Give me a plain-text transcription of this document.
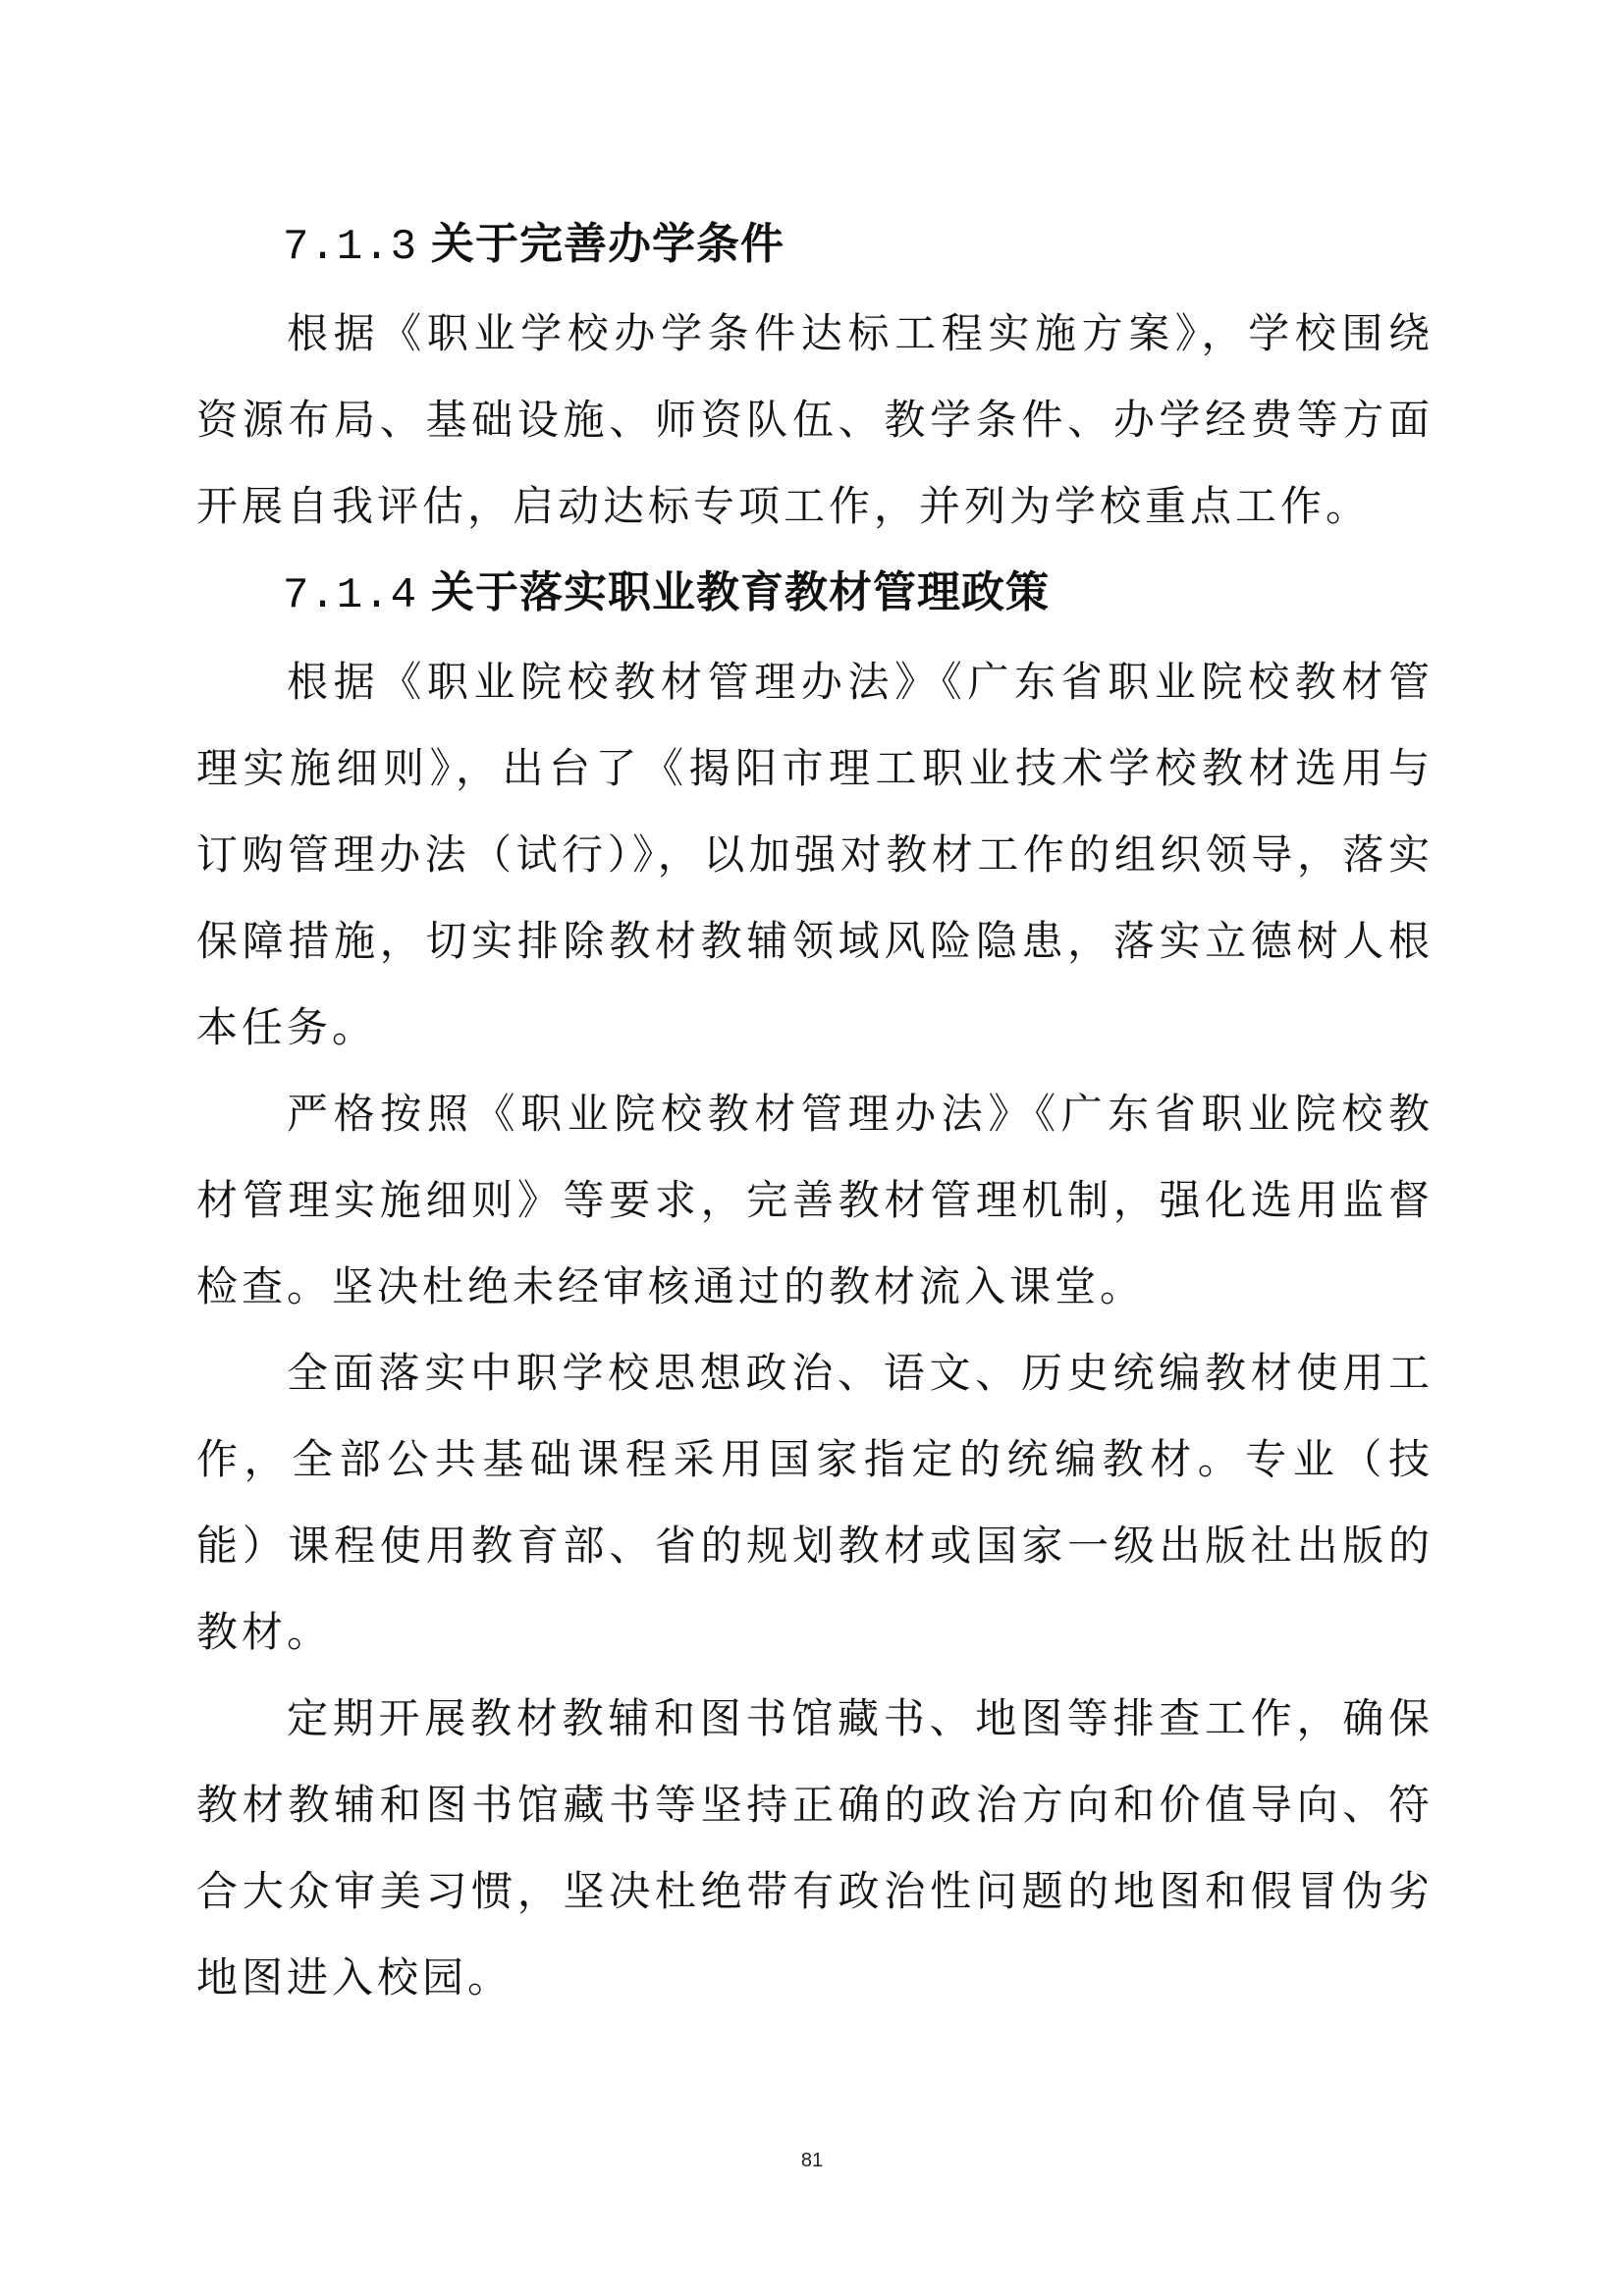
7.1.3 关于完善办学条件

根据《职业学校办学条件达标工程实施方案》，学校围绕资源布局、基础设施、师资队伍、教学条件、办学经费等方面开展自我评估，启动达标专项工作，并列为学校重点工作。

7.1.4 关于落实职业教育教材管理政策

根据《职业院校教材管理办法》《广东省职业院校教材管理实施细则》，出台了《揭阳市理工职业技术学校教材选用与订购管理办法（试行）》，以加强对教材工作的组织领导，落实保障措施，切实排除教材教辅领域风险隐患，落实立德树人根本任务。

严格按照《职业院校教材管理办法》《广东省职业院校教材管理实施细则》等要求，完善教材管理机制，强化选用监督检查。坚决杜绝未经审核通过的教材流入课堂。

全面落实中职学校思想政治、语文、历史统编教材使用工作，全部公共基础课程采用国家指定的统编教材。专业（技能）课程使用教育部、省的规划教材或国家一级出版社出版的教材。

定期开展教材教辅和图书馆藏书、地图等排查工作，确保教材教辅和图书馆藏书等坚持正确的政治方向和价值导向、符合大众审美习惯，坚决杜绝带有政治性问题的地图和假冒伪劣地图进入校园。

81
